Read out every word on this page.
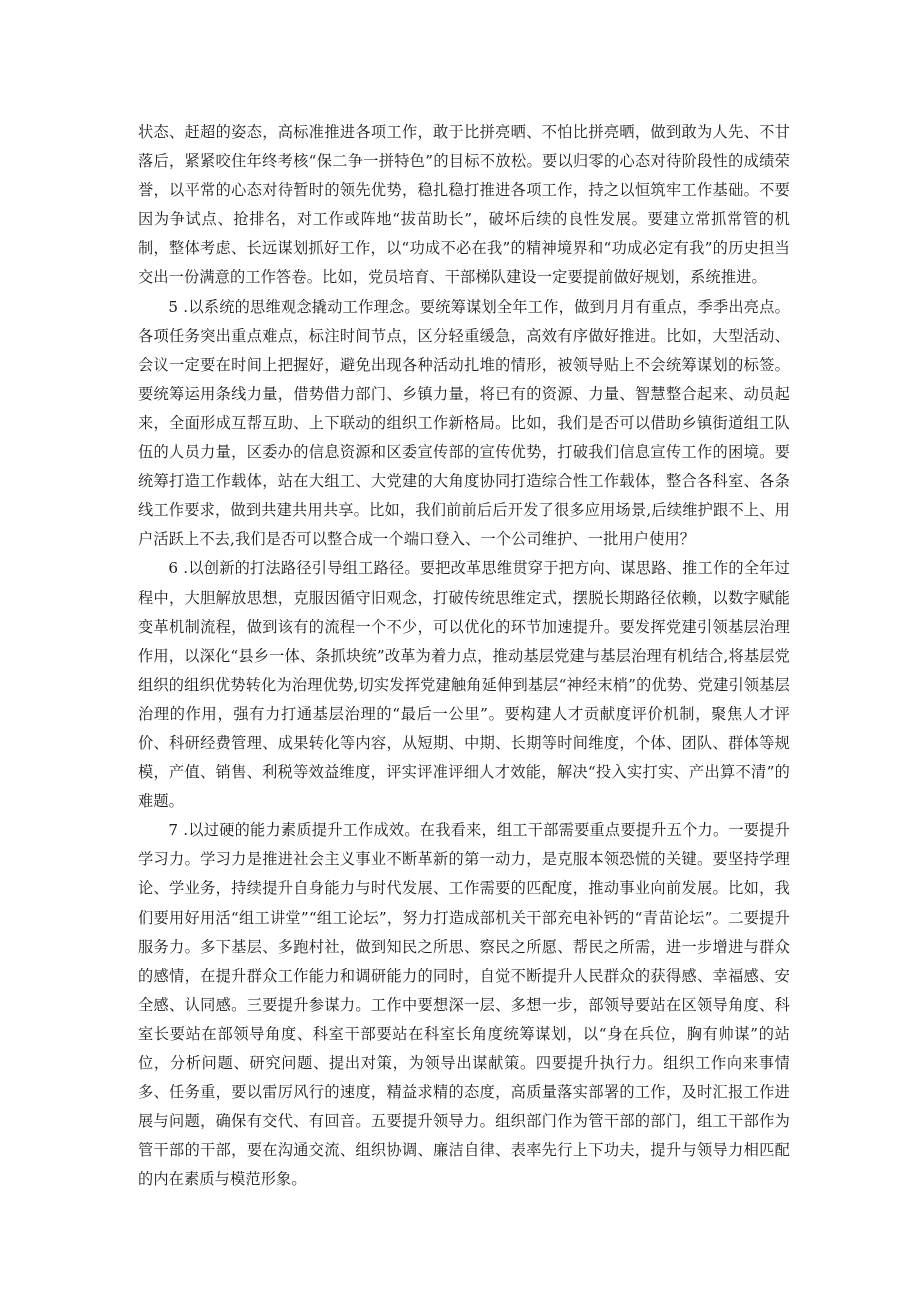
状态、赶超的姿态，高标准推进各项工作，敢于比拼亮晒、不怕比拼亮晒，做到敢为人先、不甘落后，紧紧咬住年终考核“保二争一拼特色”的目标不放松。要以归零的心态对待阶段性的成绩荣誉，以平常的心态对待暂时的领先优势，稳扎稳打推进各项工作，持之以恒筑牢工作基础。不要因为争试点、抢排名，对工作或阵地“拔苗助长”，破坏后续的良性发展。要建立常抓常管的机制，整体考虑、长远谋划抓好工作，以“功成不必在我”的精神境界和“功成必定有我”的历史担当交出一份满意的工作答卷。比如，党员培育、干部梯队建设一定要提前做好规划，系统推进。

5 .以系统的思维观念撬动工作理念。要统筹谋划全年工作，做到月月有重点，季季出亮点。各项任务突出重点难点，标注时间节点，区分轻重缓急，高效有序做好推进。比如，大型活动、会议一定要在时间上把握好，避免出现各种活动扎堆的情形，被领导贴上不会统筹谋划的标签。要统筹运用条线力量，借势借力部门、乡镇力量，将已有的资源、力量、智慧整合起来、动员起来，全面形成互帮互助、上下联动的组织工作新格局。比如，我们是否可以借助乡镇街道组工队伍的人员力量，区委办的信息资源和区委宣传部的宣传优势，打破我们信息宣传工作的困境。要统筹打造工作载体，站在大组工、大党建的大角度协同打造综合性工作载体，整合各科室、各条线工作要求，做到共建共用共享。比如，我们前前后后开发了很多应用场景,后续维护跟不上、用户活跃上不去,我们是否可以整合成一个端口登入、一个公司维护、一批用户使用？

6 .以创新的打法路径引导组工路径。要把改革思维贯穿于把方向、谋思路、推工作的全年过程中，大胆解放思想，克服因循守旧观念，打破传统思维定式，摆脱长期路径依赖，以数字赋能变革机制流程，做到该有的流程一个不少，可以优化的环节加速提升。要发挥党建引领基层治理作用，以深化“县乡一体、条抓块统”改革为着力点，推动基层党建与基层治理有机结合,将基层党组织的组织优势转化为治理优势,切实发挥党建触角延伸到基层“神经末梢”的优势、党建引领基层治理的作用，强有力打通基层治理的“最后一公里”。要构建人才贡献度评价机制，聚焦人才评价、科研经费管理、成果转化等内容，从短期、中期、长期等时间维度，个体、团队、群体等规模，产值、销售、利税等效益维度，评实评准评细人才效能，解决“投入实打实、产出算不清”的难题。

7 .以过硬的能力素质提升工作成效。在我看来，组工干部需要重点要提升五个力。一要提升学习力。学习力是推进社会主义事业不断革新的第一动力，是克服本领恐慌的关键。要坚持学理论、学业务，持续提升自身能力与时代发展、工作需要的匹配度，推动事业向前发展。比如，我们要用好用活“组工讲堂”“组工论坛”，努力打造成部机关干部充电补钙的“青苗论坛”。二要提升服务力。多下基层、多跑村社，做到知民之所思、察民之所愿、帮民之所需，进一步增进与群众的感情，在提升群众工作能力和调研能力的同时，自觉不断提升人民群众的获得感、幸福感、安全感、认同感。三要提升参谋力。工作中要想深一层、多想一步，部领导要站在区领导角度、科室长要站在部领导角度、科室干部要站在科室长角度统筹谋划，以“身在兵位，胸有帅谋”的站位，分析问题、研究问题、提出对策，为领导出谋献策。四要提升执行力。组织工作向来事情多、任务重，要以雷厉风行的速度，精益求精的态度，高质量落实部署的工作，及时汇报工作进展与问题，确保有交代、有回音。五要提升领导力。组织部门作为管干部的部门，组工干部作为管干部的干部，要在沟通交流、组织协调、廉洁自律、表率先行上下功夫，提升与领导力相匹配的内在素质与模范形象。
